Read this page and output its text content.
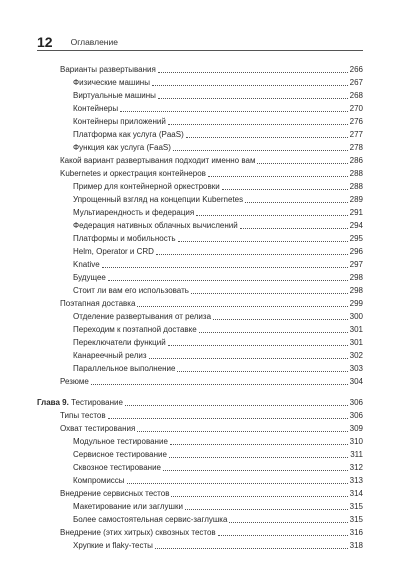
12 Оглавление
Варианты развертывания	266
Физические машины	267
Виртуальные машины	268
Контейнеры	270
Контейнеры приложений	276
Платформа как услуга (PaaS)	277
Функция как услуга (FaaS)	278
Какой вариант развертывания подходит именно вам	286
Kubernetes и оркестрация контейнеров	288
Пример для контейнерной оркестровки	288
Упрощенный взгляд на концепции Kubernetes	289
Мультиарендность и федерация	291
Федерация нативных облачных вычислений	294
Платформы и мобильность	295
Helm, Operator и CRD	296
Knative	297
Будущее	298
Стоит ли вам его использовать	298
Поэтапная доставка	299
Отделение развертывания от релиза	300
Переходим к поэтапной доставке	301
Переключатели функций	301
Канареечный релиз	302
Параллельное выполнение	303
Резюме	304
Глава 9. Тестирование	306
Типы тестов	306
Охват тестирования	309
Модульное тестирование	310
Сервисное тестирование	311
Сквозное тестирование	312
Компромиссы	313
Внедрение сервисных тестов	314
Макетирование или заглушки	315
Более самостоятельная сервис-заглушка	315
Внедрение (этих хитрых) сквозных тестов	316
Хрупкие и flaky-тесты	318
